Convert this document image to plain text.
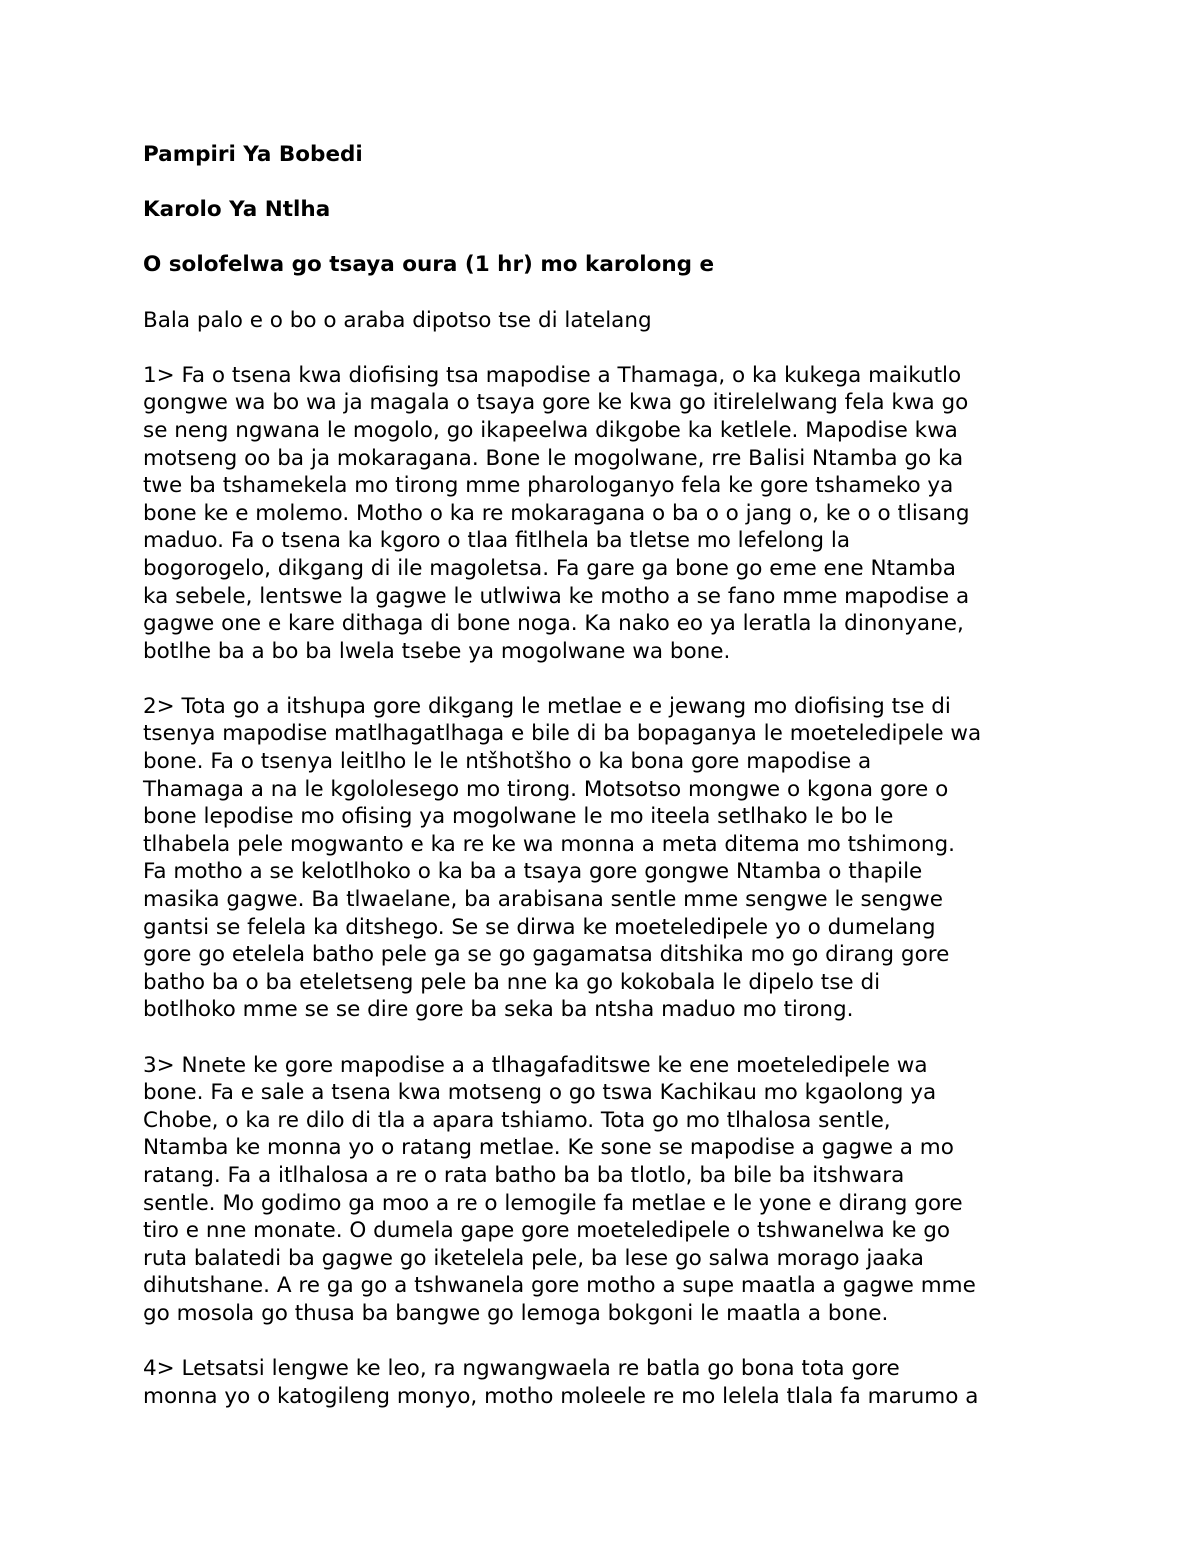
Pampiri Ya Bobedi
Karolo Ya Ntlha
O solofelwa go tsaya oura (1 hr) mo karolong e
Bala palo e o bo o araba dipotso tse di latelang
1> Fa o tsena kwa diofising tsa mapodise a Thamaga, o ka kukega maikutlo
gongwe wa bo wa ja magala o tsaya gore ke kwa go itirelelwang fela kwa go
se neng ngwana le mogolo, go ikapeelwa dikgobe ka ketlele. Mapodise kwa
motseng oo ba ja mokaragana. Bone le mogolwane, rre Balisi Ntamba go ka
twe ba tshamekela mo tirong mme pharologanyo fela ke gore tshameko ya
bone ke e molemo. Motho o ka re mokaragana o ba o o jang o, ke o o tlisang
maduo. Fa o tsena ka kgoro o tlaa fitlhela ba tletse mo lefelong la
bogorogelo, dikgang di ile magoletsa. Fa gare ga bone go eme ene Ntamba
ka sebele, lentswe la gagwe le utlwiwa ke motho a se fano mme mapodise a
gagwe one e kare dithaga di bone noga. Ka nako eo ya leratla la dinonyane,
botlhe ba a bo ba lwela tsebe ya mogolwane wa bone.
2> Tota go a itshupa gore dikgang le metlae e e jewang mo diofising tse di
tsenya mapodise matlhagatlhaga e bile di ba bopaganya le moeteledipele wa
bone. Fa o tsenya leitlho le le ntšhotšho o ka bona gore mapodise a
Thamaga a na le kgololesego mo tirong. Motsotso mongwe o kgona gore o
bone lepodise mo ofising ya mogolwane le mo iteela setlhako le bo le
tlhabela pele mogwanto e ka re ke wa monna a meta ditema mo tshimong.
Fa motho a se kelotlhoko o ka ba a tsaya gore gongwe Ntamba o thapile
masika gagwe. Ba tlwaelane, ba arabisana sentle mme sengwe le sengwe
gantsi se felela ka ditshego. Se se dirwa ke moeteledipele yo o dumelang
gore go etelela batho pele ga se go gagamatsa ditshika mo go dirang gore
batho ba o ba eteletseng pele ba nne ka go kokobala le dipelo tse di
botlhoko mme se se dire gore ba seka ba ntsha maduo mo tirong.
3> Nnete ke gore mapodise a a tlhagafaditswe ke ene moeteledipele wa
bone. Fa e sale a tsena kwa motseng o go tswa Kachikau mo kgaolong ya
Chobe, o ka re dilo di tla a apara tshiamo. Tota go mo tlhalosa sentle,
Ntamba ke monna yo o ratang metlae. Ke sone se mapodise a gagwe a mo
ratang. Fa a itlhalosa a re o rata batho ba ba tlotlo, ba bile ba itshwara
sentle. Mo godimo ga moo a re o lemogile fa metlae e le yone e dirang gore
tiro e nne monate. O dumela gape gore moeteledipele o tshwanelwa ke go
ruta balatedi ba gagwe go iketelela pele, ba lese go salwa morago jaaka
dihutshane. A re ga go a tshwanela gore motho a supe maatla a gagwe mme
go mosola go thusa ba bangwe go lemoga bokgoni le maatla a bone.
4> Letsatsi lengwe ke leo, ra ngwangwaela re batla go bona tota gore
monna yo o katogileng monyo, motho moleele re mo lelela tlala fa marumo a
